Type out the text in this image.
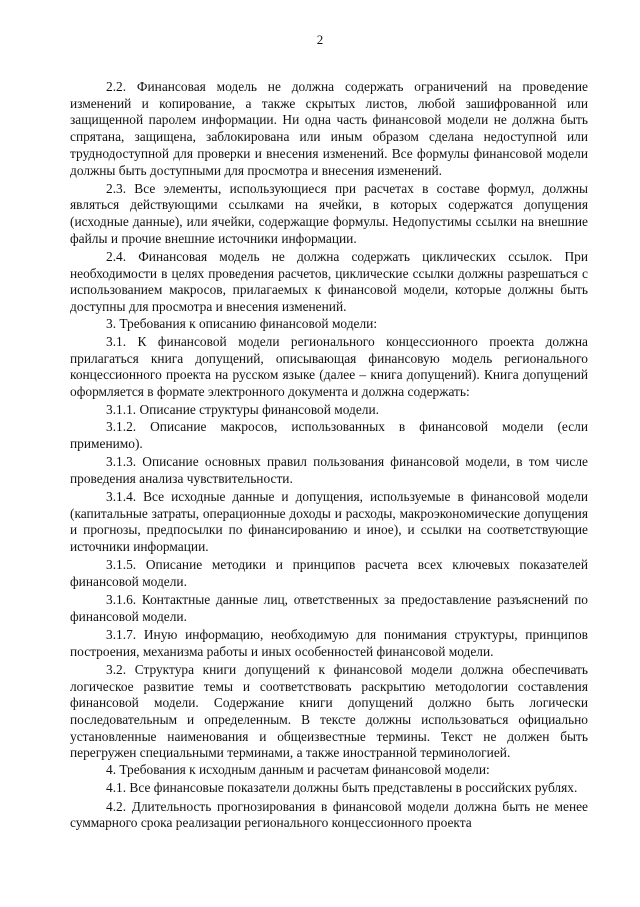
2

2.2. Финансовая модель не должна содержать ограничений на проведение изменений и копирование, а также скрытых листов, любой зашифрованной или защищенной паролем информации. Ни одна часть финансовой модели не должна быть спрятана, защищена, заблокирована или иным образом сделана недоступной или труднодоступной для проверки и внесения изменений. Все формулы финансовой модели должны быть доступными для просмотра и внесения изменений.

2.3. Все элементы, использующиеся при расчетах в составе формул, должны являться действующими ссылками на ячейки, в которых содержатся допущения (исходные данные), или ячейки, содержащие формулы. Недопустимы ссылки на внешние файлы и прочие внешние источники информации.

2.4. Финансовая модель не должна содержать циклических ссылок. При необходимости в целях проведения расчетов, циклические ссылки должны разрешаться с использованием макросов, прилагаемых к финансовой модели, которые должны быть доступны для просмотра и внесения изменений.

3. Требования к описанию финансовой модели:

3.1. К финансовой модели регионального концессионного проекта должна прилагаться книга допущений, описывающая финансовую модель регионального концессионного проекта на русском языке (далее – книга допущений). Книга допущений оформляется в формате электронного документа и должна содержать:

3.1.1. Описание структуры финансовой модели.

3.1.2. Описание макросов, использованных в финансовой модели (если применимо).

3.1.3. Описание основных правил пользования финансовой модели, в том числе проведения анализа чувствительности.

3.1.4. Все исходные данные и допущения, используемые в финансовой модели (капитальные затраты, операционные доходы и расходы, макроэкономические допущения и прогнозы, предпосылки по финансированию и иное), и ссылки на соответствующие источники информации.

3.1.5. Описание методики и принципов расчета всех ключевых показателей финансовой модели.

3.1.6. Контактные данные лиц, ответственных за предоставление разъяснений по финансовой модели.

3.1.7. Иную информацию, необходимую для понимания структуры, принципов построения, механизма работы и иных особенностей финансовой модели.

3.2. Структура книги допущений к финансовой модели должна обеспечивать логическое развитие темы и соответствовать раскрытию методологии составления финансовой модели. Содержание книги допущений должно быть логически последовательным и определенным. В тексте должны использоваться официально установленные наименования и общеизвестные термины. Текст не должен быть перегружен специальными терминами, а также иностранной терминологией.

4. Требования к исходным данным и расчетам финансовой модели:

4.1. Все финансовые показатели должны быть представлены в российских рублях.

4.2. Длительность прогнозирования в финансовой модели должна быть не менее суммарного срока реализации регионального концессионного проекта
